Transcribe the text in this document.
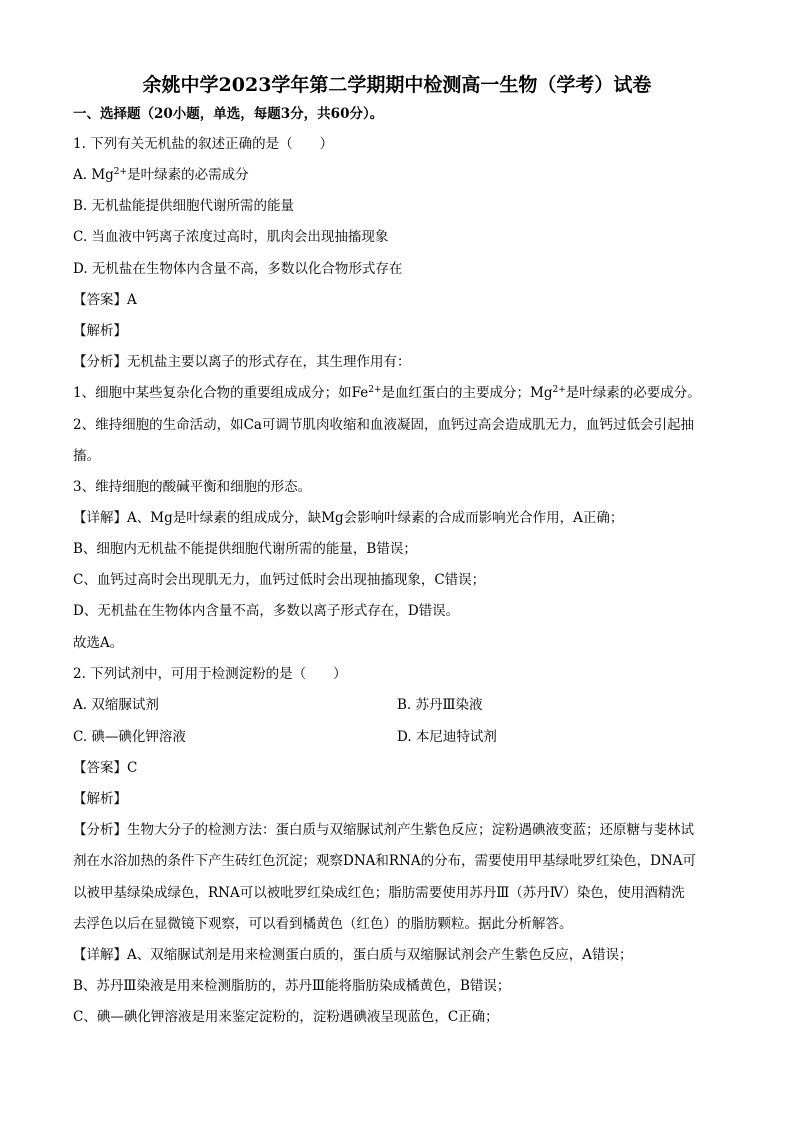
余姚中学2023学年第二学期期中检测高一生物（学考）试卷
一、选择题（20小题，单选，每题3分，共60分）。
1. 下列有关无机盐的叙述正确的是（　　）
A. $Mg^{2+}$是叶绿素的必需成分
B. 无机盐能提供细胞代谢所需的能量
C. 当血液中钙离子浓度过高时，肌肉会出现抽搐现象
D. 无机盐在生物体内含量不高，多数以化合物形式存在
【答案】A
【解析】
【分析】无机盐主要以离子的形式存在，其生理作用有：
1、细胞中某些复杂化合物的重要组成成分；如$Fe^{2+}$是血红蛋白的主要成分；$Mg^{2+}$是叶绿素的必要成分。
2、维持细胞的生命活动，如Ca可调节肌肉收缩和血液凝固，血钙过高会造成肌无力，血钙过低会引起抽
搐。
3、维持细胞的酸碱平衡和细胞的形态。
【详解】A、Mg是叶绿素的组成成分，缺Mg会影响叶绿素的合成而影响光合作用，A正确；
B、细胞内无机盐不能提供细胞代谢所需的能量，B错误；
C、血钙过高时会出现肌无力，血钙过低时会出现抽搐现象，C错误；
D、无机盐在生物体内含量不高，多数以离子形式存在，D错误。
故选A。
2. 下列试剂中，可用于检测淀粉的是（　　）
A. 双缩脲试剂	B. 苏丹Ⅲ染液
C. 碘—碘化钾溶液	D. 本尼迪特试剂
【答案】C
【解析】
【分析】生物大分子的检测方法：蛋白质与双缩脲试剂产生紫色反应；淀粉遇碘液变蓝；还原糖与斐林试
剂在水浴加热的条件下产生砖红色沉淀；观察DNA和RNA的分布，需要使用甲基绿吡罗红染色，DNA可
以被甲基绿染成绿色，RNA可以被吡罗红染成红色；脂肪需要使用苏丹Ⅲ（苏丹Ⅳ）染色，使用酒精洗
去浮色以后在显微镜下观察，可以看到橘黄色（红色）的脂肪颗粒。据此分析解答。
【详解】A、双缩脲试剂是用来检测蛋白质的，蛋白质与双缩脲试剂会产生紫色反应，A错误；
B、苏丹Ⅲ染液是用来检测脂肪的，苏丹Ⅲ能将脂肪染成橘黄色，B错误；
C、碘—碘化钾溶液是用来鉴定淀粉的，淀粉遇碘液呈现蓝色，C正确；
